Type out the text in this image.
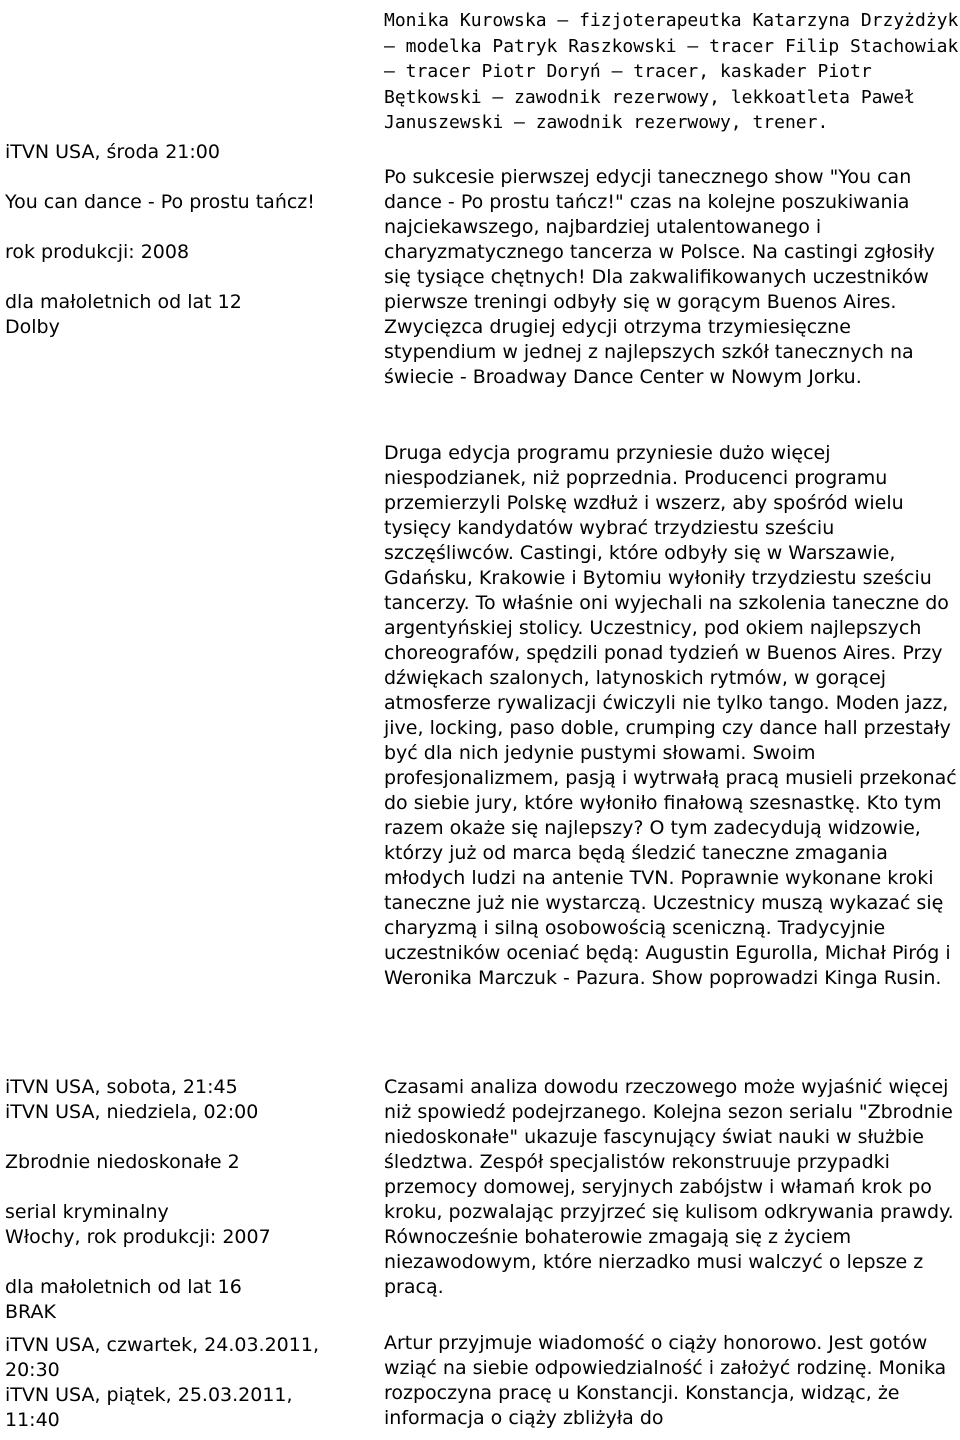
iTVN USA, środa 21:00
You can dance - Po prostu tańcz!
rok produkcji: 2008
dla małoletnich od lat 12
Dolby
iTVN USA, sobota, 21:45
iTVN USA, niedziela, 02:00
Zbrodnie niedoskonałe 2
serial kryminalny
Włochy, rok produkcji: 2007
dla małoletnich od lat 16
BRAK
iTVN USA, czwartek, 24.03.2011,
20:30
iTVN USA, piątek, 25.03.2011,
11:40

Monika Kurowska – fizjoterapeutka Katarzyna Drzyżdżyk – modelka Patryk Raszkowski – tracer Filip Stachowiak – tracer Piotr Doryń – tracer, kaskader Piotr Bętkowski – zawodnik rezerwowy, lekkoatleta Paweł Januszewski – zawodnik rezerwowy, trener.

Po sukcesie pierwszej edycji tanecznego show "You can dance - Po prostu tańcz!" czas na kolejne poszukiwania najciekawszego, najbardziej utalentowanego i charyzmatycznego tancerza w Polsce. Na castingi zgłosiły się tysiące chętnych! Dla zakwalifikowanych uczestników pierwsze treningi odbyły się w gorącym Buenos Aires. Zwycięzca drugiej edycji otrzyma trzymiesięczne stypendium w jednej z najlepszych szkół tanecznych na świecie - Broadway Dance Center w Nowym Jorku.

Druga edycja programu przyniesie dużo więcej niespodzianek, niż poprzednia. Producenci programu przemierzyli Polskę wzdłuż i wszerz, aby spośród wielu tysięcy kandydatów wybrać trzydziestu sześciu szczęśliwców. Castingi, które odbyły się w Warszawie, Gdańsku, Krakowie i Bytomiu wyłoniły trzydziestu sześciu tancerzy. To właśnie oni wyjechali na szkolenia taneczne do argentyńskiej stolicy. Uczestnicy, pod okiem najlepszych choreografów, spędzili ponad tydzień w Buenos Aires. Przy dźwiękach szalonych, latynoskich rytmów, w gorącej atmosferze rywalizacji ćwiczyli nie tylko tango. Moden jazz, jive, locking, paso doble, crumping czy dance hall przestały być dla nich jedynie pustymi słowami. Swoim profesjonalizmem, pasją i wytrwałą pracą musieli przekonać do siebie jury, które wyłoniło finałową szesnastkę. Kto tym razem okaże się najlepszy? O tym zadecydują widzowie, którzy już od marca będą śledzić taneczne zmagania młodych ludzi na antenie TVN. Poprawnie wykonane kroki taneczne już nie wystarczą. Uczestnicy muszą wykazać się charyzmą i silną osobowością sceniczną. Tradycyjnie uczestników oceniać będą: Augustin Egurolla, Michał Piróg i Weronika Marczuk - Pazura. Show poprowadzi Kinga Rusin.

Czasami analiza dowodu rzeczowego może wyjaśnić więcej niż spowiedź podejrzanego. Kolejna sezon serialu "Zbrodnie niedoskonałe" ukazuje fascynujący świat nauki w służbie śledztwa. Zespół specjalistów rekonstruuje przypadki przemocy domowej, seryjnych zabójstw i włamań krok po kroku, pozwalając przyjrzeć się kulisom odkrywania prawdy. Równocześnie bohaterowie zmagają się z życiem niezawodowym, które nierzadko musi walczyć o lepsze z pracą.

Artur przyjmuje wiadomość o ciąży honorowo. Jest gotów wziąć na siebie odpowiedzialność i założyć rodzinę. Monika rozpoczyna pracę u Konstancji. Konstancja, widząc, że informacja o ciąży zbliżyła do
